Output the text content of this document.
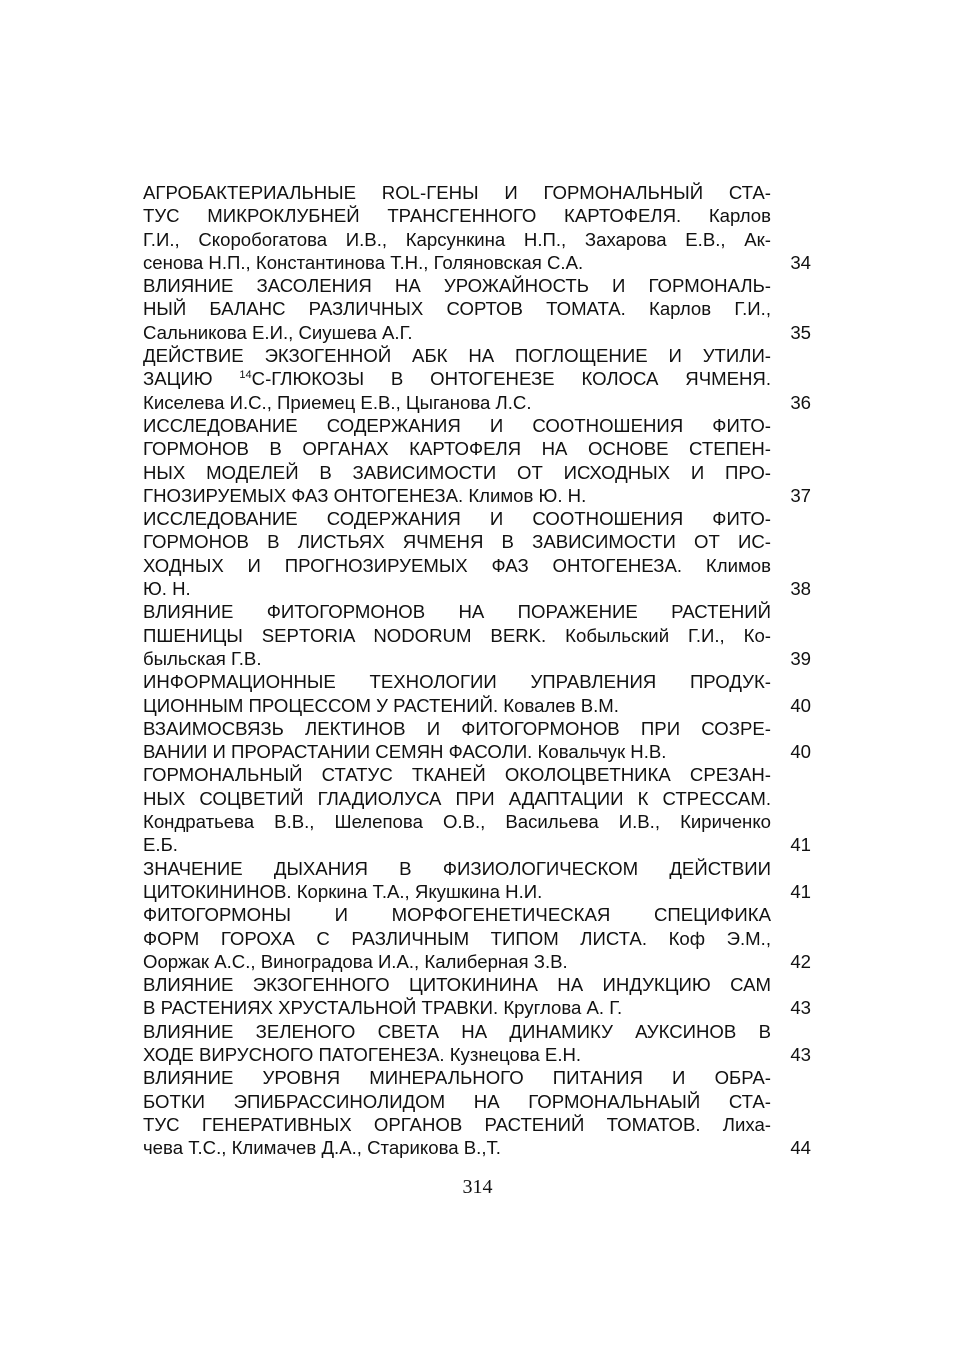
АГРОБАКТЕРИАЛЬНЫЕ ROL-ГЕНЫ И ГОРМОНАЛЬНЫЙ СТА-
ТУС МИКРОКЛУБНЕЙ ТРАНСГЕННОГО КАРТОФЕЛЯ. Карлов
Г.И., Скоробогатова И.В., Карсункина Н.П., Захарова Е.В., Ак-
сенова Н.П., Константинова Т.Н., Голяновская С.А.	34
ВЛИЯНИЕ ЗАСОЛЕНИЯ НА УРОЖАЙНОСТЬ И ГОРМОНАЛЬ-
НЫЙ БАЛАНС РАЗЛИЧНЫХ СОРТОВ ТОМАТА. Карлов Г.И.,
Сальникова Е.И., Сиушева А.Г.	35
ДЕЙСТВИЕ ЭКЗОГЕННОЙ АБК НА ПОГЛОЩЕНИЕ И УТИЛИ-
ЗАЦИЮ $^{14}$С-ГЛЮКОЗЫ В ОНТОГЕНЕЗЕ КОЛОСА ЯЧМЕНЯ.
Киселева И.С., Приемец Е.В., Цыганова Л.С.	36
ИССЛЕДОВАНИЕ СОДЕРЖАНИЯ И СООТНОШЕНИЯ ФИТО-
ГОРМОНОВ В ОРГАНАХ КАРТОФЕЛЯ НА ОСНОВЕ СТЕПЕН-
НЫХ МОДЕЛЕЙ В ЗАВИСИМОСТИ ОТ ИСХОДНЫХ И ПРО-
ГНОЗИРУЕМЫХ ФАЗ ОНТОГЕНЕЗА. Климов Ю. Н.	37
ИССЛЕДОВАНИЕ СОДЕРЖАНИЯ И СООТНОШЕНИЯ ФИТО-
ГОРМОНОВ В ЛИСТЬЯХ ЯЧМЕНЯ В ЗАВИСИМОСТИ ОТ ИС-
ХОДНЫХ И ПРОГНОЗИРУЕМЫХ ФАЗ ОНТОГЕНЕЗА. Климов
Ю. Н.	38
ВЛИЯНИЕ ФИТОГОРМОНОВ НА ПОРАЖЕНИЕ РАСТЕНИЙ
ПШЕНИЦЫ SEPTORIA NODORUM BERK. Кобыльский Г.И., Ко-
быльская Г.В.	39
ИНФОРМАЦИОННЫЕ ТЕХНОЛОГИИ УПРАВЛЕНИЯ ПРОДУК-
ЦИОННЫМ ПРОЦЕССОМ У РАСТЕНИЙ. Ковалев В.М.	40
ВЗАИМОСВЯЗЬ ЛЕКТИНОВ И ФИТОГОРМОНОВ ПРИ СОЗРЕ-
ВАНИИ И ПРОРАСТАНИИ СЕМЯН ФАСОЛИ. Ковальчук Н.В.	40
ГОРМОНАЛЬНЫЙ СТАТУС ТКАНЕЙ ОКОЛОЦВЕТНИКА СРЕЗАН-
НЫХ СОЦВЕТИЙ ГЛАДИОЛУСА ПРИ АДАПТАЦИИ К СТРЕССАМ.
Кондратьева В.В., Шелепова О.В., Васильева И.В., Кириченко
Е.Б.	41
ЗНАЧЕНИЕ ДЫХАНИЯ В ФИЗИОЛОГИЧЕСКОМ ДЕЙСТВИИ
ЦИТОКИНИНОВ. Коркина Т.А., Якушкина Н.И.	41
ФИТОГОРМОНЫ И МОРФОГЕНЕТИЧЕСКАЯ СПЕЦИФИКА
ФОРМ ГОРОХА С РАЗЛИЧНЫМ ТИПОМ ЛИСТА. Коф Э.М.,
Ооржак А.С., Виноградова И.А., Калиберная З.В.	42
ВЛИЯНИЕ ЭКЗОГЕННОГО ЦИТОКИНИНА НА ИНДУКЦИЮ САМ
В РАСТЕНИЯХ ХРУСТАЛЬНОЙ ТРАВКИ. Круглова А. Г.	43
ВЛИЯНИЕ ЗЕЛЕНОГО СВЕТА НА ДИНАМИКУ АУКСИНОВ В
ХОДЕ ВИРУСНОГО ПАТОГЕНЕЗА. Кузнецова Е.Н.	43
ВЛИЯНИЕ УРОВНЯ МИНЕРАЛЬНОГО ПИТАНИЯ И ОБРА-
БОТКИ ЭПИБРАССИНОЛИДОМ НА ГОРМОНАЛЬНАЫЙ СТА-
ТУС ГЕНЕРАТИВНЫХ ОРГАНОВ РАСТЕНИЙ ТОМАТОВ. Лиха-
чева Т.С., Климачев Д.А., Старикова В.,Т.	44
314
